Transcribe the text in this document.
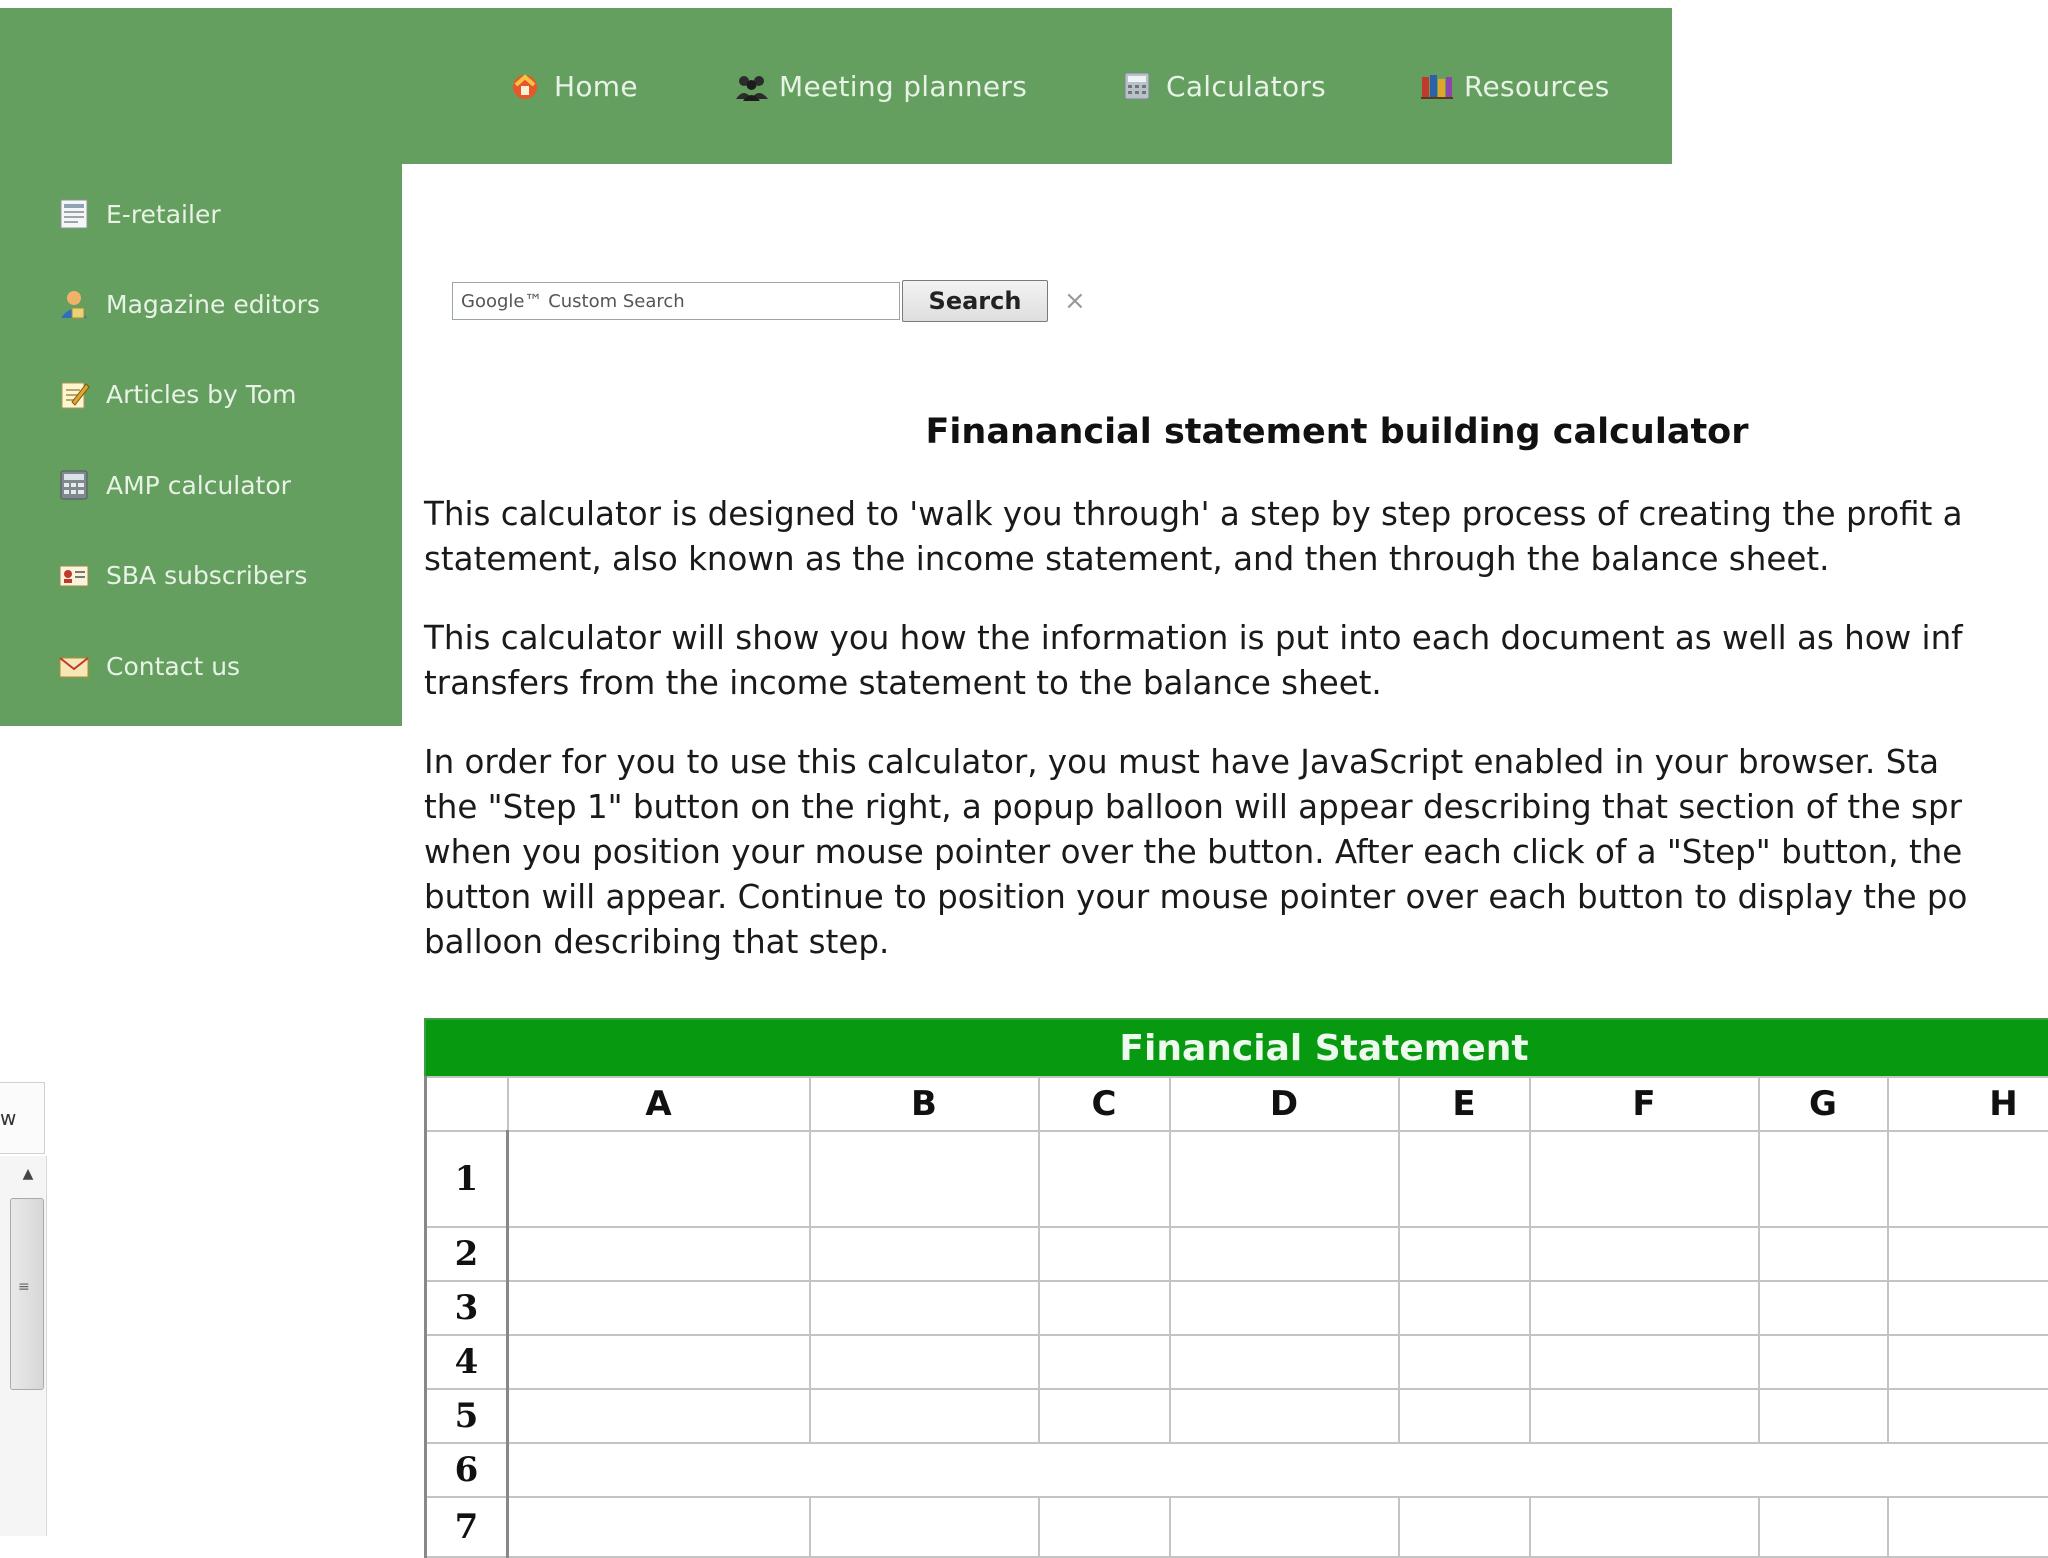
Home	Meeting planners	Calculators	Resources
E-retailer
Magazine editors
Articles by Tom
AMP calculator
SBA subscribers
Contact us
Google™ Custom Search
Search	×
Finanancial statement building calculator

This calculator is designed to 'walk you through' a step by step process of creating the profit a
statement, also known as the income statement, and then through the balance sheet.

This calculator will show you how the information is put into each document as well as how inf
transfers from the income statement to the balance sheet.

In order for you to use this calculator, you must have JavaScript enabled in your browser. Sta
the "Step 1" button on the right, a popup balloon will appear describing that section of the spr
when you position your mouse pointer over the button. After each click of a "Step" button, the
button will appear. Continue to position your mouse pointer over each button to display the po
balloon describing that step.

Financial Statement
	A	B	C	D	E	F	G	H
1								
2								
3								
4								
5								
6								
7								
w
▲
≡
